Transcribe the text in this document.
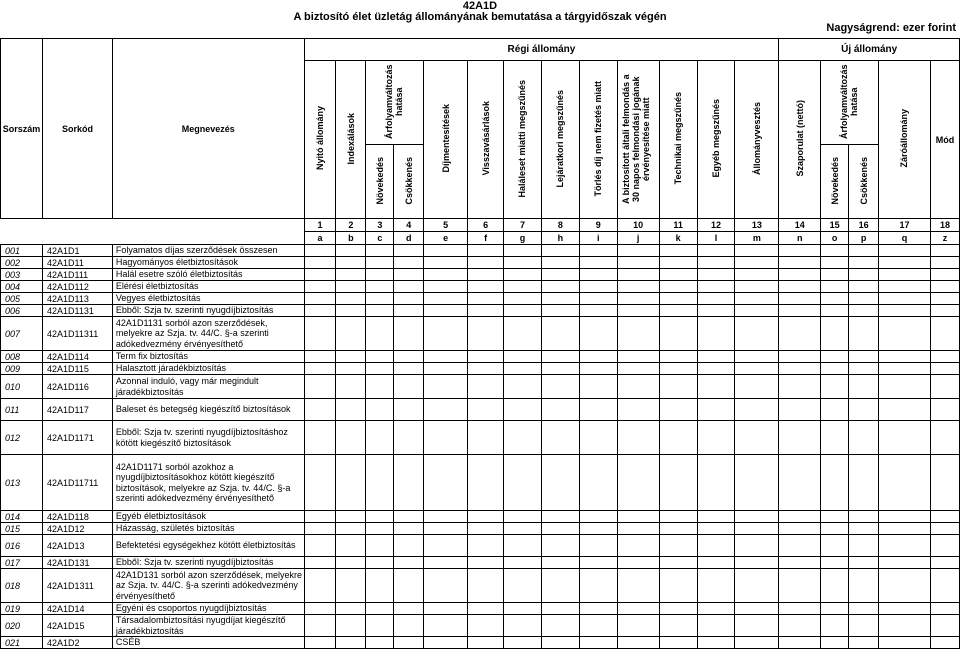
42A1D
A biztosító élet üzletág állományának bemutatása a tárgyidőszak végén
Nagyságrend: ezer forint
Sorszám	Sorkód	Megnevezés	Régi állomány													Új állomány				
			Nyitó állomány	Indexálások	Árfolyamváltozás hatása		Díjmentesítések	Visszavásárlások	Haláleset miatti megszűnés	Lejáratkori megszűnés	Törlés díj nem fizetés miatt	A biztosított általi felmondás a 30 napos felmondási jogának érvényesítése miatt	Technikai megszűnés	Egyéb megszűnés	Állományvesztés	Szaporulat (nettó)	Árfolyamváltozás hatása		Záróállomány	Mód
					Növekedés	Csökkenés											Növekedés	Csökkenés		
			1	2	3	4	5	6	7	8	9	10	11	12	13	14	15	16	17	18
			a	b	c	d	e	f	g	h	i	j	k	l	m	n	o	p	q	z
001	42A1D1	Folyamatos díjas szerződések összesen																		
002	42A1D11	Hagyományos életbiztosítások																		
003	42A1D111	Halál esetre szóló életbiztosítás																		
004	42A1D112	Elérési életbiztosítás																		
005	42A1D113	Vegyes életbiztosítás																		
006	42A1D1131	Ebből: Szja tv. szerinti nyugdíjbiztosítás																		
007	42A1D11311	42A1D1131 sorból azon szerződések, melyekre az Szja. tv. 44/C. §-a szerinti adókedvezmény érvényesíthető																		
008	42A1D114	Term fix biztosítás																		
009	42A1D115	Halasztott járadékbiztosítás																		
010	42A1D116	Azonnal induló, vagy már megindult járadékbiztosítás																		
011	42A1D117	Baleset és betegség kiegészítő biztosítások																		
012	42A1D1171	Ebből: Szja tv. szerinti nyugdíjbiztosításhoz kötött kiegészítő biztosítások																		
013	42A1D11711	42A1D1171 sorból azokhoz a nyugdíjbiztosításokhoz kötött kiegészítő biztosítások, melyekre az Szja. tv. 44/C. §-a szerinti adókedvezmény érvényesíthető																		
014	42A1D118	Egyéb életbiztosítások																		
015	42A1D12	Házasság, születés biztosítás																		
016	42A1D13	Befektetési egységekhez kötött életbiztosítás																		
017	42A1D131	Ebből: Szja tv. szerinti nyugdíjbiztosítás																		
018	42A1D1311	42A1D131 sorból azon szerződések, melyekre az Szja. tv. 44/C. §-a szerinti adókedvezmény érvényesíthető																		
019	42A1D14	Egyéni és csoportos nyugdíjbiztosítás																		
020	42A1D15	Társadalombiztosítási nyugdíjat kiegészítő járadékbiztosítás																		
021	42A1D2	CSÉB																		
